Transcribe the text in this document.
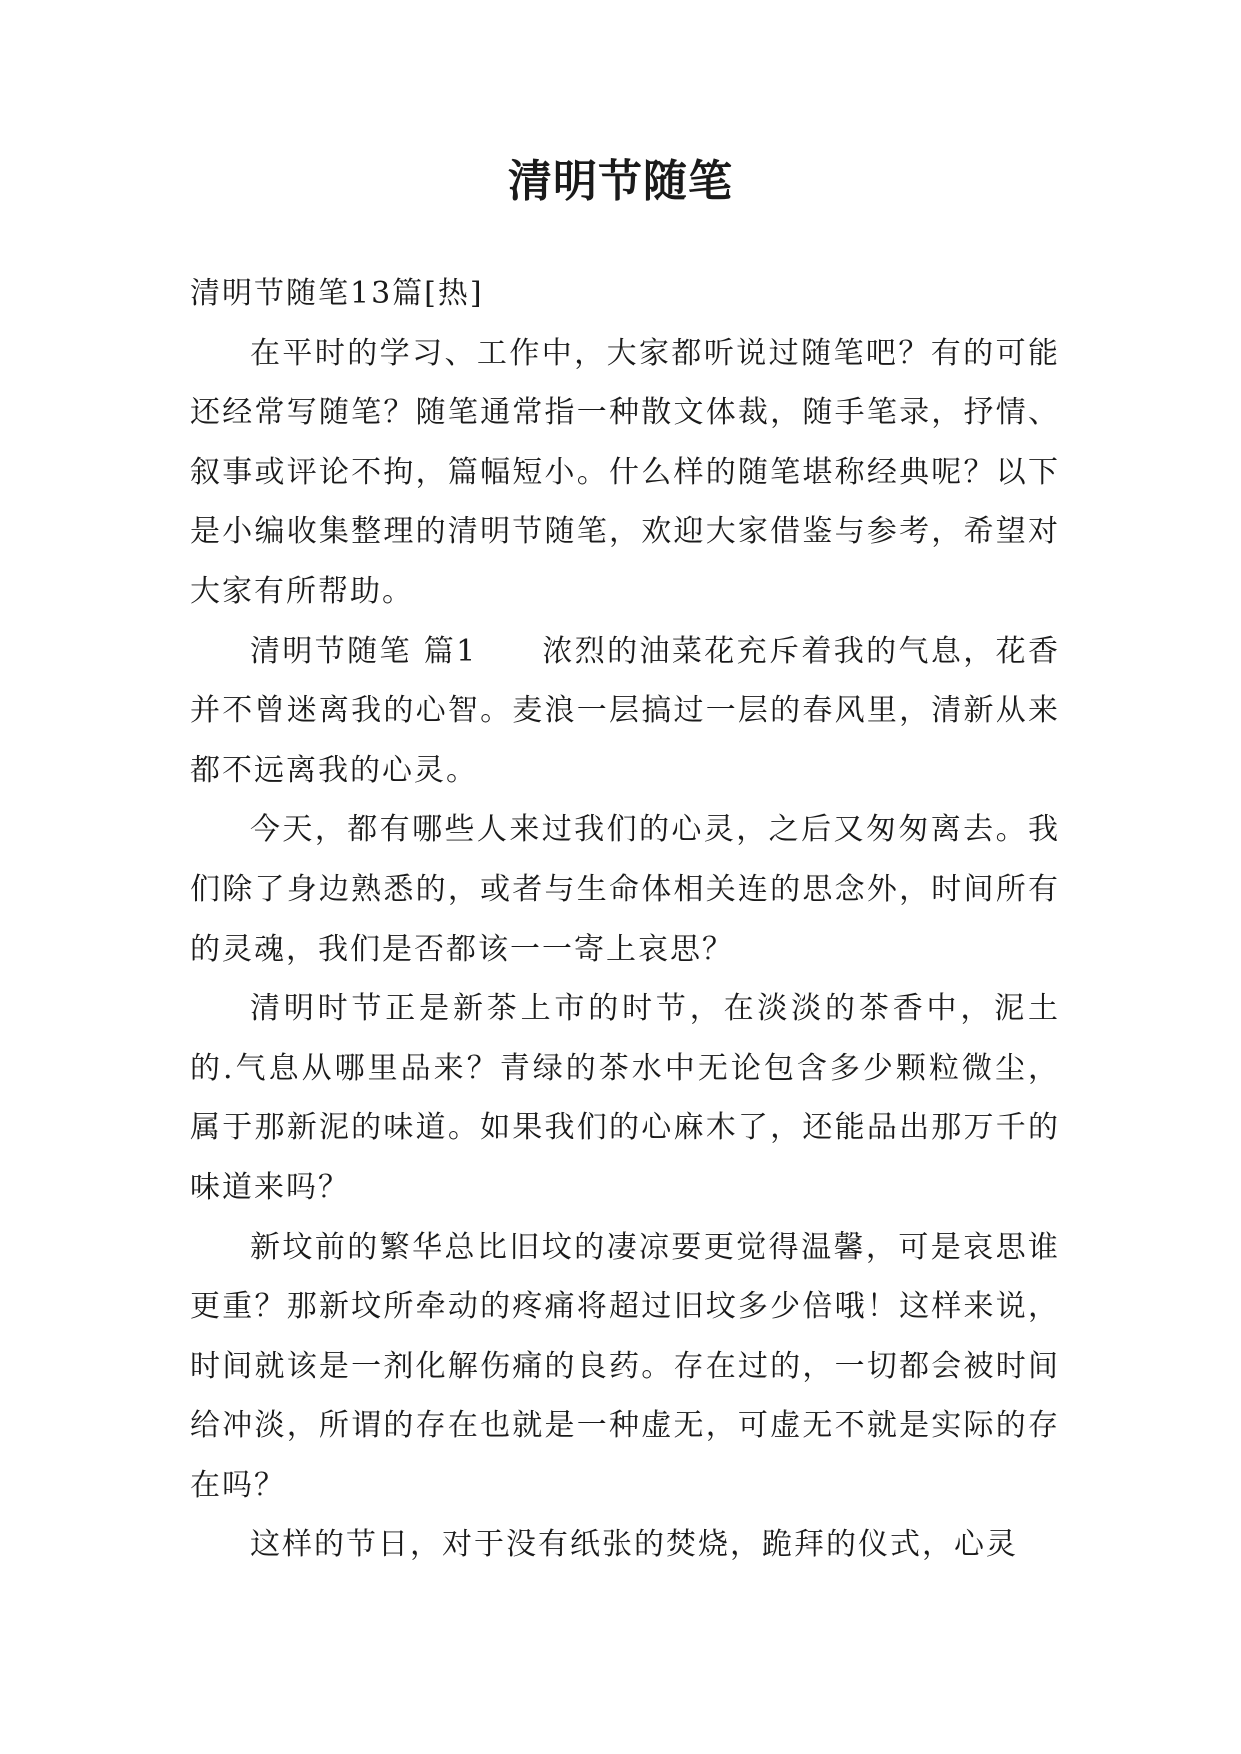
清明节随笔

清明节随笔13篇[热]

在平时的学习、工作中，大家都听说过随笔吧？有的可能还经常写随笔？随笔通常指一种散文体裁，随手笔录，抒情、叙事或评论不拘，篇幅短小。什么样的随笔堪称经典呢？以下是小编收集整理的清明节随笔，欢迎大家借鉴与参考，希望对大家有所帮助。

清明节随笔 篇1　　浓烈的油菜花充斥着我的气息，花香并不曾迷离我的心智。麦浪一层搞过一层的春风里，清新从来都不远离我的心灵。

今天，都有哪些人来过我们的心灵，之后又匆匆离去。我们除了身边熟悉的，或者与生命体相关连的思念外，时间所有的灵魂，我们是否都该一一寄上哀思？

清明时节正是新茶上市的时节，在淡淡的茶香中，泥土的.气息从哪里品来？青绿的茶水中无论包含多少颗粒微尘，属于那新泥的味道。如果我们的心麻木了，还能品出那万千的味道来吗？

新坟前的繁华总比旧坟的凄凉要更觉得温馨，可是哀思谁更重？那新坟所牵动的疼痛将超过旧坟多少倍哦！这样来说，时间就该是一剂化解伤痛的良药。存在过的，一切都会被时间给冲淡，所谓的存在也就是一种虚无，可虚无不就是实际的存在吗？

这样的节日，对于没有纸张的焚烧，跪拜的仪式，心灵
